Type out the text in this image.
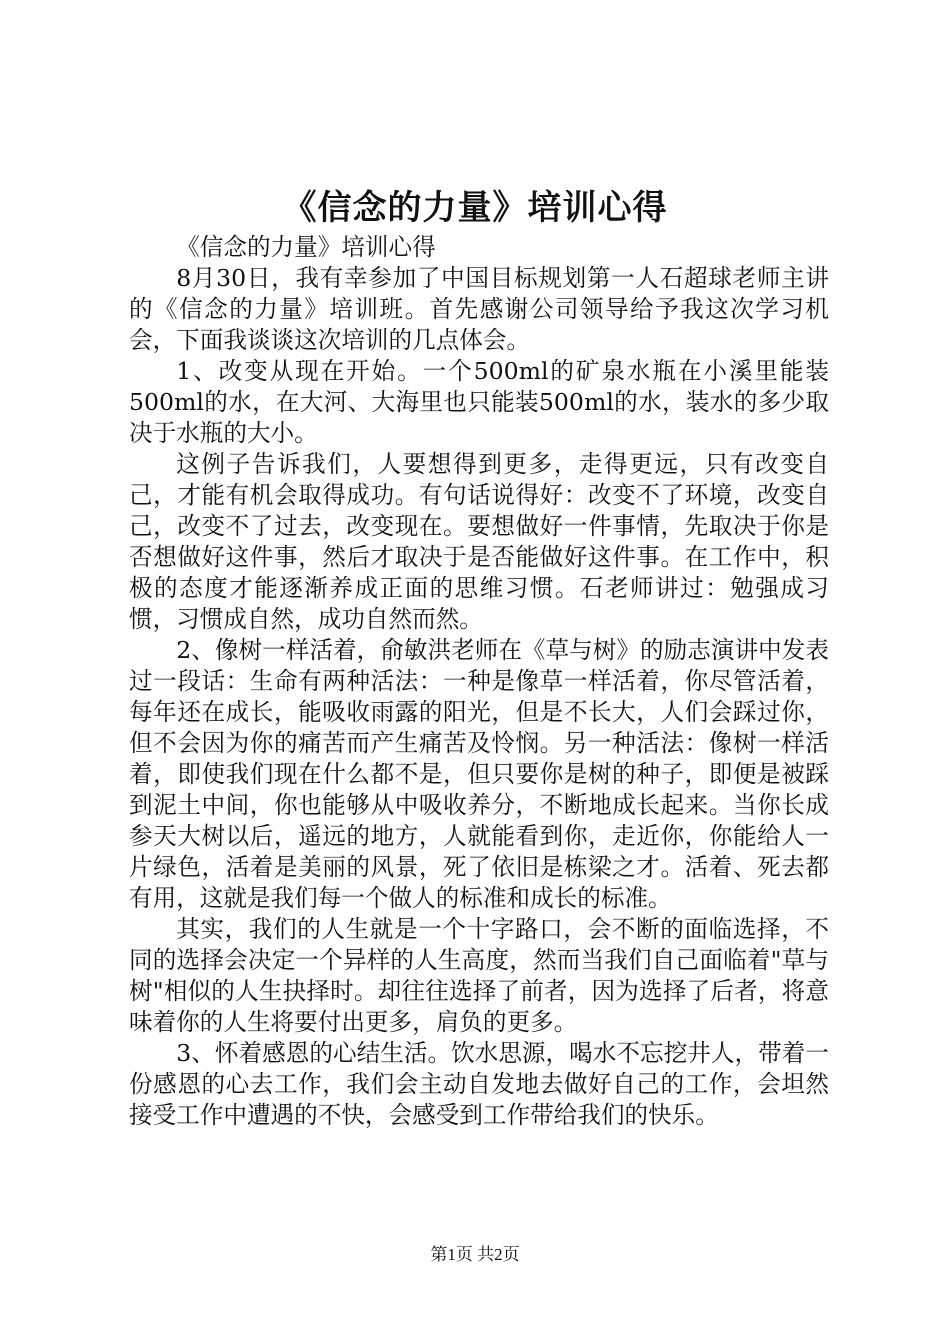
《信念的力量》培训心得

《信念的力量》培训心得

8月30日，我有幸参加了中国目标规划第一人石超球老师主讲的《信念的力量》培训班。首先感谢公司领导给予我这次学习机会，下面我谈谈这次培训的几点体会。

1、改变从现在开始。一个500ml的矿泉水瓶在小溪里能装500ml的水，在大河、大海里也只能装500ml的水，装水的多少取决于水瓶的大小。

这例子告诉我们，人要想得到更多，走得更远，只有改变自己，才能有机会取得成功。有句话说得好：改变不了环境，改变自己，改变不了过去，改变现在。要想做好一件事情，先取决于你是否想做好这件事，然后才取决于是否能做好这件事。在工作中，积极的态度才能逐渐养成正面的思维习惯。石老师讲过：勉强成习惯，习惯成自然，成功自然而然。

2、像树一样活着，俞敏洪老师在《草与树》的励志演讲中发表过一段话：生命有两种活法：一种是像草一样活着，你尽管活着，每年还在成长，能吸收雨露的阳光，但是不长大，人们会踩过你，但不会因为你的痛苦而产生痛苦及怜悯。另一种活法：像树一样活着，即使我们现在什么都不是，但只要你是树的种子，即便是被踩到泥土中间，你也能够从中吸收养分，不断地成长起来。当你长成参天大树以后，遥远的地方，人就能看到你，走近你，你能给人一片绿色，活着是美丽的风景，死了依旧是栋梁之才。活着、死去都有用，这就是我们每一个做人的标准和成长的标准。

其实，我们的人生就是一个十字路口，会不断的面临选择，不同的选择会决定一个异样的人生高度，然而当我们自己面临着"草与树"相似的人生抉择时。却往往选择了前者，因为选择了后者，将意味着你的人生将要付出更多，肩负的更多。

3、怀着感恩的心结生活。饮水思源，喝水不忘挖井人，带着一份感恩的心去工作，我们会主动自发地去做好自己的工作，会坦然接受工作中遭遇的不快，会感受到工作带给我们的快乐。

第1页 共2页
